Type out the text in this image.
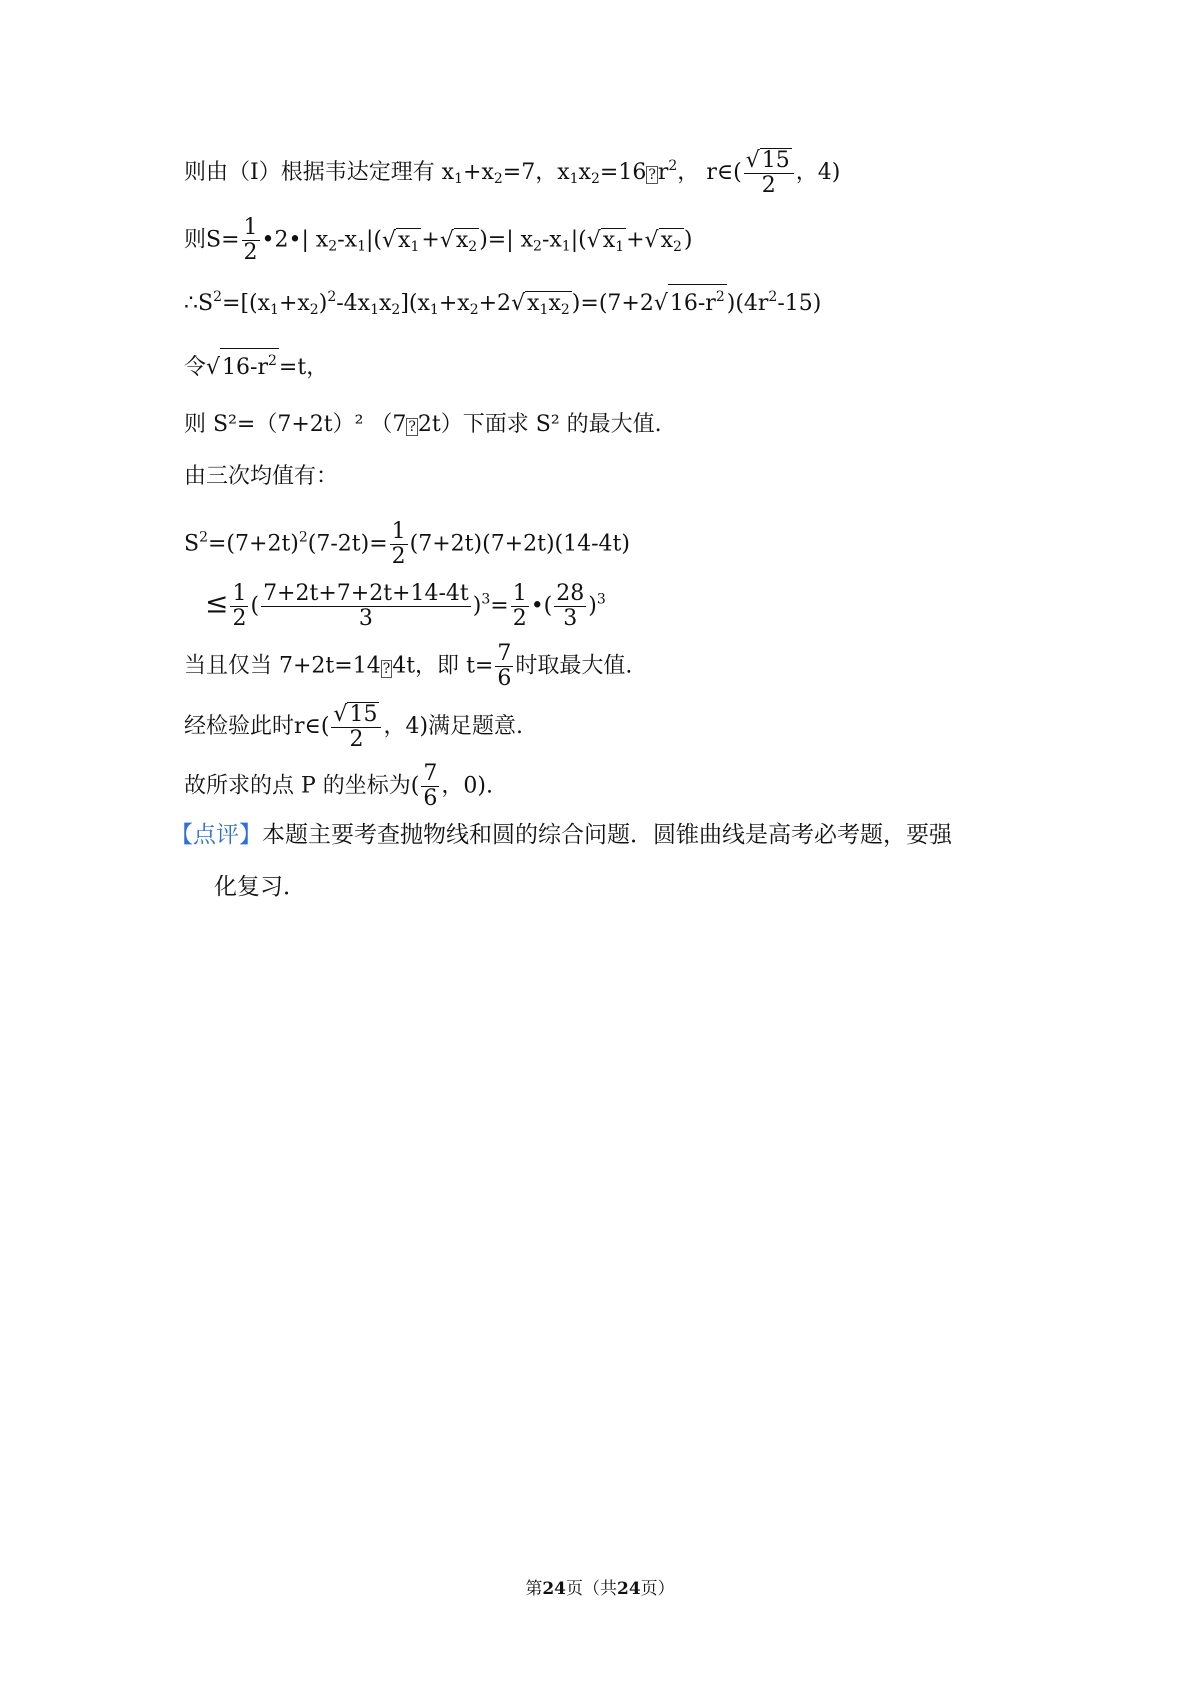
则由（I）根据韦达定理有 $x_1+x_2=7$，$x_1x_2=16$ $?r^2$， r∈( $\frac{√15}{2}$ ，4)
则$S= \frac{1}{2}$ •2•| $x_2-x_1|(√x_1+√x_2)=|$ $x_2-x_1|(√x_1+√x_2)$
$\therefore S^2=[(x_1+x_2)^2-4x_1x_2](x_1+x_2+2√x_1x_2)=(7+2√16-r^2)(4r^2-15)$
令$√16-r^2=t$，
则 S²=（7+2t）² （7 ?2t）下面求 S² 的最大值.
由三次均值有：
$S^2=(7+2t)^2(7-2t)= \frac{1}{2} (7+2t)(7+2t)(14-4t)$
≤ $\frac{1}{2}$ ( $\frac{7+2t+7+2t+14-4t}{3} )^3= \frac{1}{2}$ •( $\frac{28}{3} )^3$
当且仅当 7+2t=14 ?4t，即 $t= \frac{7}{6}$ 时取最大值.
经检验此时r∈( $\frac{√15}{2}$ ，4)满足题意.
故所求的点 P 的坐标为( $\frac{7}{6}$ ，0).
【点评】本题主要考查抛物线和圆的综合问题．圆锥曲线是高考必考题，要强
化复习．
第24页（共24页）
